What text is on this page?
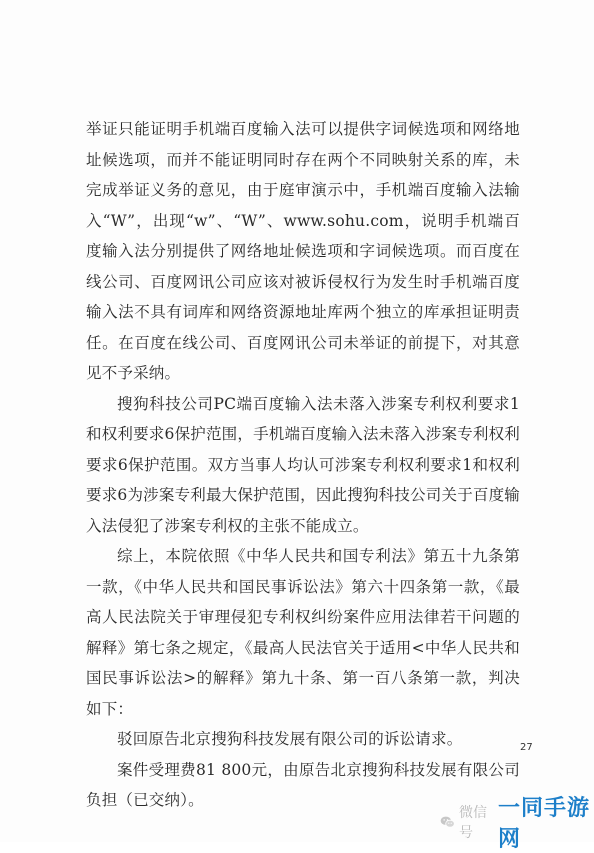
举证只能证明手机端百度输入法可以提供字词候选项和网络地址候选项，而并不能证明同时存在两个不同映射关系的库，未完成举证义务的意见，由于庭审演示中，手机端百度输入法输入“W”，出现“w”、“W”、www.sohu.com，说明手机端百度输入法分别提供了网络地址候选项和字词候选项。而百度在线公司、百度网讯公司应该对被诉侵权行为发生时手机端百度输入法不具有词库和网络资源地址库两个独立的库承担证明责任。在百度在线公司、百度网讯公司未举证的前提下，对其意见不予采纳。

搜狗科技公司PC端百度输入法未落入涉案专利权利要求1和权利要求6保护范围，手机端百度输入法未落入涉案专利权利要求6保护范围。双方当事人均认可涉案专利权利要求1和权利要求6为涉案专利最大保护范围，因此搜狗科技公司关于百度输入法侵犯了涉案专利权的主张不能成立。

综上，本院依照《中华人民共和国专利法》第五十九条第一款，《中华人民共和国民事诉讼法》第六十四条第一款，《最高人民法院关于审理侵犯专利权纠纷案件应用法律若干问题的解释》第七条之规定，《最高人民法官关于适用<中华人民共和国民事诉讼法>的解释》第九十条、第一百八条第一款，判决如下：

驳回原告北京搜狗科技发展有限公司的诉讼请求。

案件受理费81 800元，由原告北京搜狗科技发展有限公司负担（已交纳）。

27
微信号
一同手游网
